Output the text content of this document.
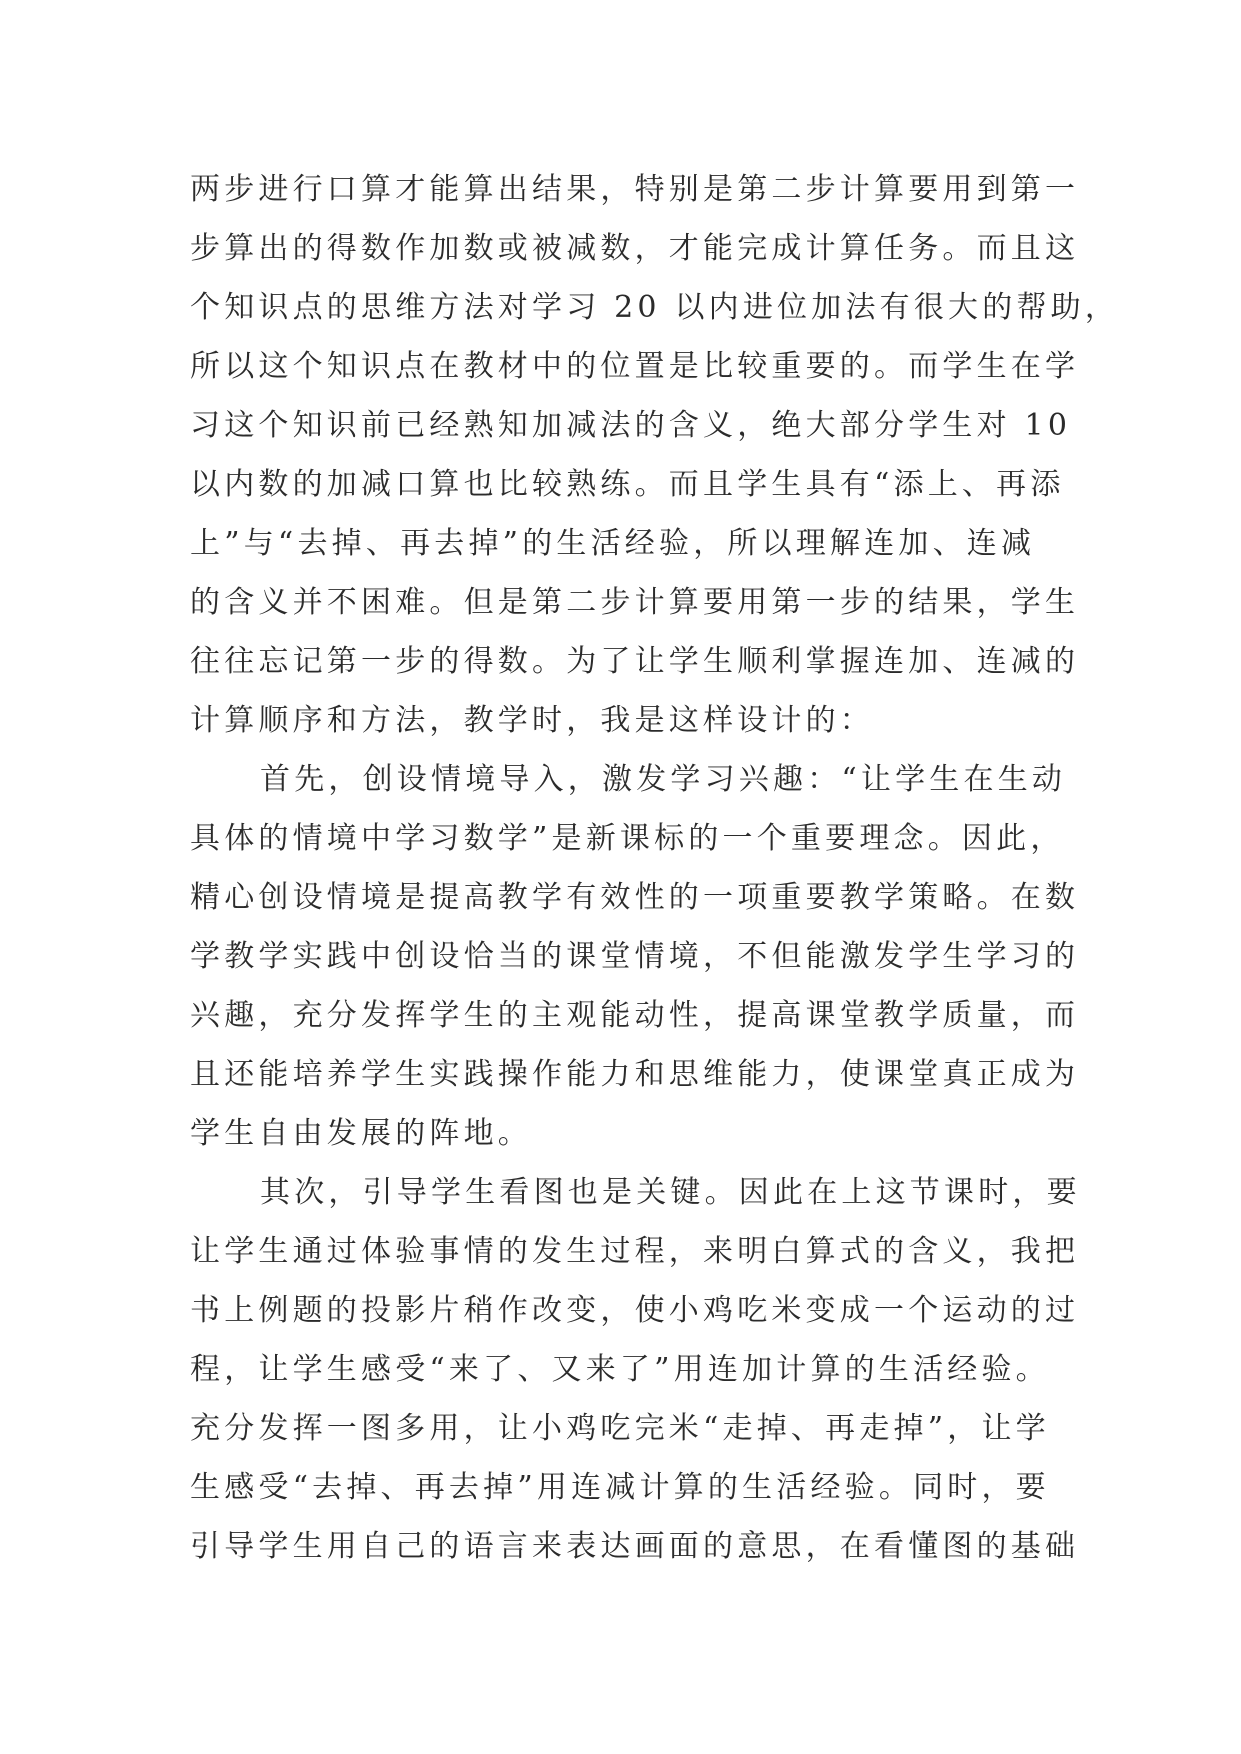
两步进行口算才能算出结果，特别是第二步计算要用到第一
步算出的得数作加数或被减数，才能完成计算任务。而且这
个知识点的思维方法对学习 20 以内进位加法有很大的帮助，
所以这个知识点在教材中的位置是比较重要的。而学生在学
习这个知识前已经熟知加减法的含义，绝大部分学生对 10
以内数的加减口算也比较熟练。而且学生具有“添上、再添
上”与“去掉、再去掉”的生活经验，所以理解连加、连减
的含义并不困难。但是第二步计算要用第一步的结果，学生
往往忘记第一步的得数。为了让学生顺利掌握连加、连减的
计算顺序和方法，教学时，我是这样设计的：
首先，创设情境导入，激发学习兴趣：“让学生在生动
具体的情境中学习数学”是新课标的一个重要理念。因此，
精心创设情境是提高教学有效性的一项重要教学策略。在数
学教学实践中创设恰当的课堂情境，不但能激发学生学习的
兴趣，充分发挥学生的主观能动性，提高课堂教学质量，而
且还能培养学生实践操作能力和思维能力，使课堂真正成为
学生自由发展的阵地。
其次，引导学生看图也是关键。因此在上这节课时，要
让学生通过体验事情的发生过程，来明白算式的含义，我把
书上例题的投影片稍作改变，使小鸡吃米变成一个运动的过
程，让学生感受“来了、又来了”用连加计算的生活经验。
充分发挥一图多用，让小鸡吃完米“走掉、再走掉”，让学
生感受“去掉、再去掉”用连减计算的生活经验。同时，要
引导学生用自己的语言来表达画面的意思，在看懂图的基础
